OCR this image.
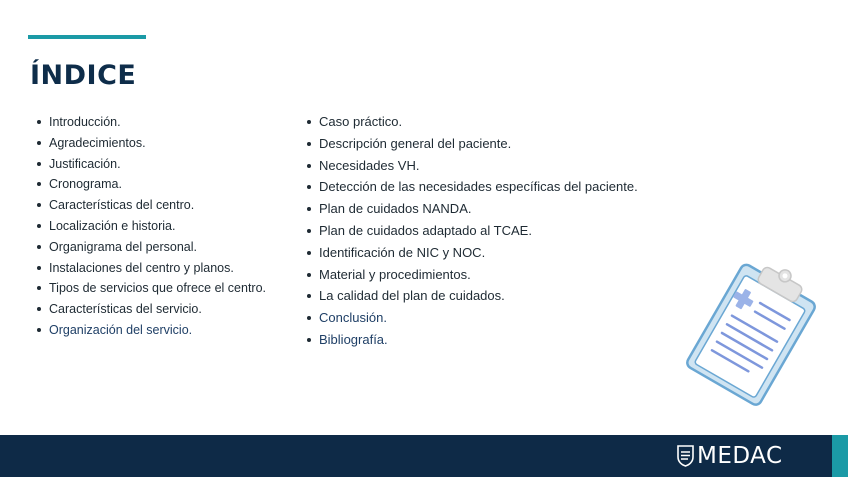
ÍNDICE
Introducción.
Agradecimientos.
Justificación.
Cronograma.
Características del centro.
Localización e historia.
Organigrama del personal.
Instalaciones del centro y planos.
Tipos de servicios que ofrece el centro.
Características del servicio.
Organización del servicio.
Caso práctico.
Descripción general del paciente.
Necesidades VH.
Detección de las necesidades específicas del paciente.
Plan de cuidados NANDA.
Plan de cuidados adaptado al TCAE.
Identificación de NIC y NOC.
Material y procedimientos.
La calidad del plan de cuidados.
Conclusión.
Bibliografía.
MEDAC
